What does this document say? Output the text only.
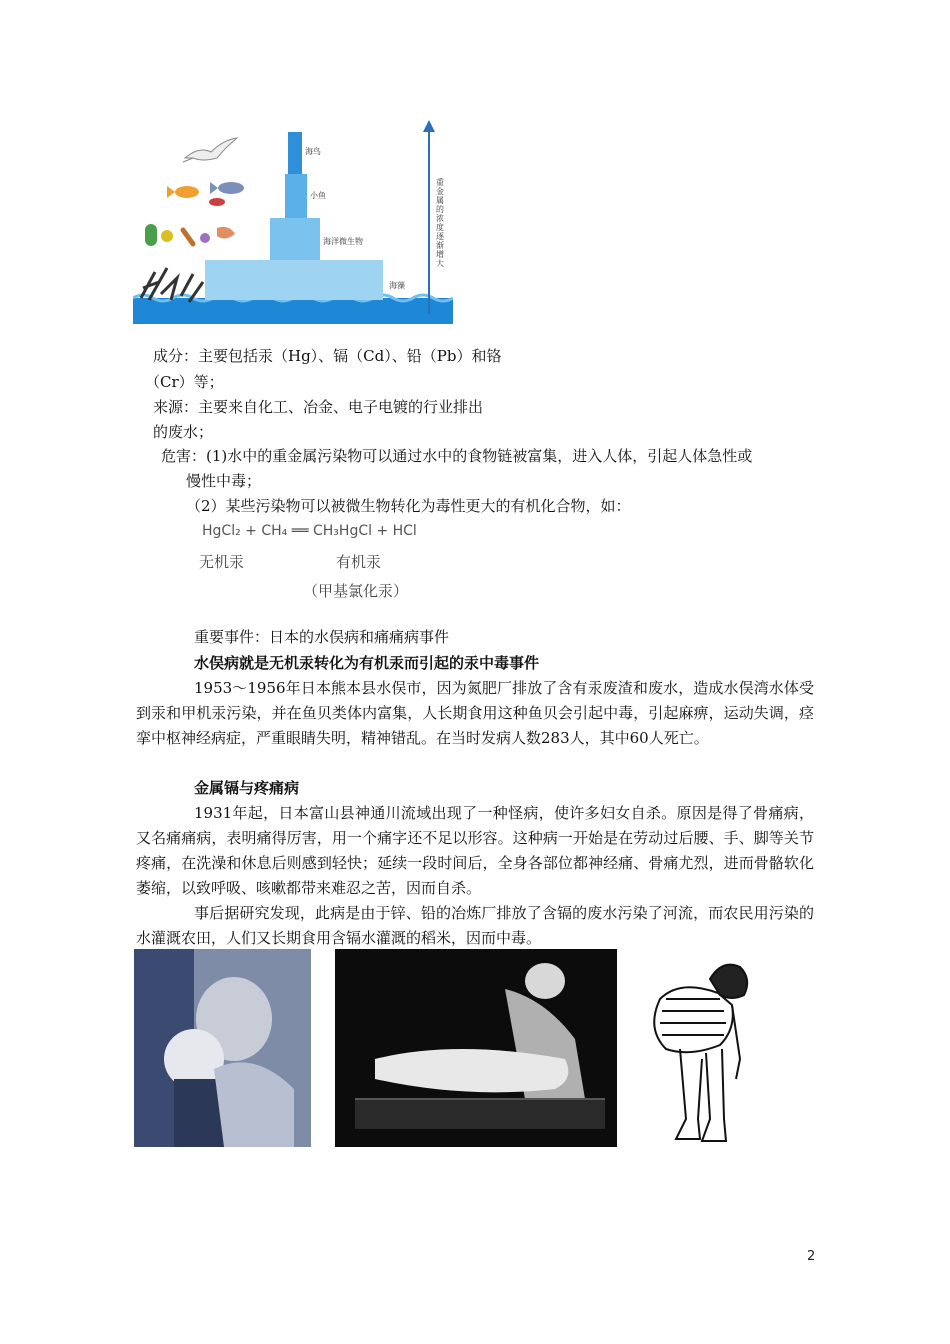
海鸟
小鱼
海洋微生物
海藻
重金属的浓度逐渐增大
成分：主要包括汞（Hg）、镉（Cd）、铅（Pb）和铬
（Cr）等；
来源：主要来自化工、冶金、电子电镀的行业排出
的废水；
危害：(1)水中的重金属污染物可以通过水中的食物链被富集，进入人体，引起人体急性或
慢性中毒；
（2）某些污染物可以被微生物转化为毒性更大的有机化合物，如：
HgCl₂ + CH₄ ══ CH₃HgCl + HCl
无机汞	有机汞
（甲基氯化汞）
重要事件：日本的水俣病和痛痛病事件
水俣病就是无机汞转化为有机汞而引起的汞中毒事件
1953～1956年日本熊本县水俣市，因为氮肥厂排放了含有汞废渣和废水，造成水俣湾水体受到汞和甲机汞污染，并在鱼贝类体内富集，人长期食用这种鱼贝会引起中毒，引起麻痹，运动失调，痉挛中枢神经病症，严重眼睛失明，精神错乱。在当时发病人数283人，其中60人死亡。
金属镉与疼痛病
1931年起，日本富山县神通川流域出现了一种怪病，使许多妇女自杀。原因是得了骨痛病，又名痛痛病，表明痛得厉害，用一个痛字还不足以形容。这种病一开始是在劳动过后腰、手、脚等关节疼痛，在洗澡和休息后则感到轻快；延续一段时间后，全身各部位都神经痛、骨痛尤烈，进而骨骼软化萎缩，以致呼吸、咳嗽都带来难忍之苦，因而自杀。
事后据研究发现，此病是由于锌、铅的冶炼厂排放了含镉的废水污染了河流，而农民用污染的水灌溉农田，人们又长期食用含镉水灌溉的稻米，因而中毒。
2
